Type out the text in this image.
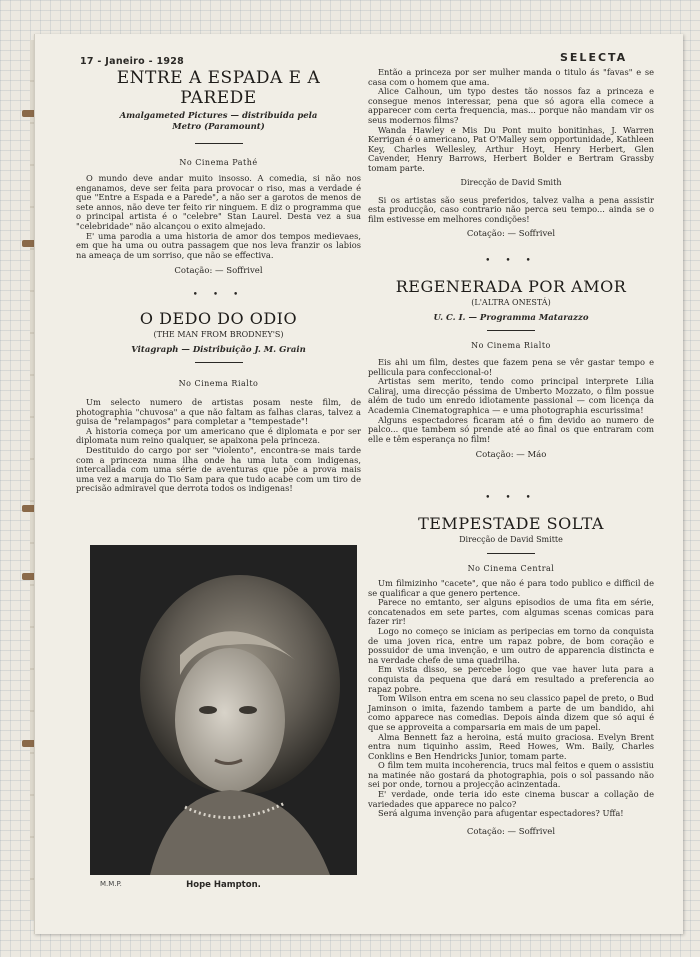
17 - Janeiro - 1928	SELECTA
ENTRE A ESPADA E A PAREDE
Amalgameted Pictures — distribuida pela Metro (Paramount)
No Cinema Pathé

O mundo deve andar muito insosso. A comedia, si não nos enganamos, deve ser feita para provocar o riso, mas a verdade é que "Entre a Espada e a Parede", a não ser a garotos de menos de sete annos, não deve ter feito rir ninguem. E diz o programma que o principal artista é o "celebre" Stan Laurel. Desta vez a sua "celebridade" não alcançou o exito almejado.

E' uma parodia a uma historia de amor dos tempos medievaes, em que ha uma ou outra passagem que nos leva franzir os labios na ameaça de um sorriso, que não se effectiva.

Cotação: — Soffrivel
• • •
O DEDO DO ODIO
(THE MAN FROM BRODNEY'S)
Vitagraph — Distribuição J. M. Grain
No Cinema Rialto

Um selecto numero de artistas posam neste film, de photographia "chuvosa" a que não faltam as falhas claras, talvez a guisa de "relampagos" para completar a "tempestade"!

A historia começa por um americano que é diplomata e por ser diplomata num reino qualquer, se apaixona pela princeza.

Destituido do cargo por ser "violento", encontra-se mais tarde com a princeza numa ilha onde ha uma luta com indigenas, intercallada com uma série de aventuras que põe a prova mais uma vez a maruja do Tio Sam para que tudo acabe com um tiro de precisão admiravel que derrota todos os indigenas!

M.M.P.	Hope Hampton.

Então a princeza por ser mulher manda o titulo ás "favas" e se casa com o homem que ama.

Alice Calhoun, um typo destes tão nossos faz a princeza e consegue menos interessar, pena que só agora ella comece a apparecer com certa frequencia, mas... porque não mandam vir os seus modernos films?

Wanda Hawley e Mis Du Pont muito bonitinhas, J. Warren Kerrigan é o americano, Pat O'Malley sem opportunidade, Kathleen Key, Charles Wellesley, Arthur Hoyt, Henry Herbert, Glen Cavender, Henry Barrows, Herbert Bolder e Bertram Grassby tomam parte.

Direcção de David Smith

Si os artistas são seus preferidos, talvez valha a pena assistir esta producção, caso contrario não perca seu tempo... ainda se o film estivesse em melhores condições!

Cotação: — Soffrivel
• • •
REGENERADA POR AMOR
(L'ALTRA ONESTÁ)
U. C. I. — Programma Matarazzo
No Cinema Rialto

Eis ahi um film, destes que fazem pena se vêr gastar tempo e pellicula para confeccional-o!

Artistas sem merito, tendo como principal interprete Lilia Caliraj, uma direcção péssima de Umberto Mozzato, o film possue além de tudo um enredo idiotamente passional — com licença da Academia Cinematographica — e uma photographia escurissima!

Alguns espectadores ficaram até o fim devido ao numero de palco... que tambem só prende até ao final os que entraram com elle e têm esperança no film!

Cotação: — Máo
• • •
TEMPESTADE SOLTA
Direcção de David Smitte
No Cinema Central

Um filmizinho "cacete", que não é para todo publico e difficil de se qualificar a que genero pertence.

Parece no emtanto, ser alguns episodios de uma fita em série, concatenados em sete partes, com algumas scenas comicas para fazer rir!

Logo no começo se iniciam as peripecias em torno da conquista de uma joven rica, entre um rapaz pobre, de bom coração e possuidor de uma invenção, e um outro de apparencia distincta e na verdade chefe de uma quadrilha.

Em vista disso, se percebe logo que vae haver luta para a conquista da pequena que dará em resultado a preferencia ao rapaz pobre.

Tom Wilson entra em scena no seu classico papel de preto, o Bud Jaminson o imita, fazendo tambem a parte de um bandido, ahi como apparece nas comedias. Depois ainda dizem que só aqui é que se approveita a comparsaria em mais de um papel.

Alma Bennett faz a heroina, está muito graciosa. Evelyn Brent entra num tiquinho assim, Reed Howes, Wm. Baily, Charles Conklins e Ben Hendricks Junior, tomam parte.

O film tem muita incoherencia, trucs mal feitos e quem o assistiu na matinée não gostará da photographia, pois o sol passando não sei por onde, tornou a projecção acinzentada.

E' verdade, onde teria ido este cinema buscar a collação de variedades que apparece no palco?

Será alguma invenção para afugentar espectadores? Uffa!

Cotação: — Soffrivel
